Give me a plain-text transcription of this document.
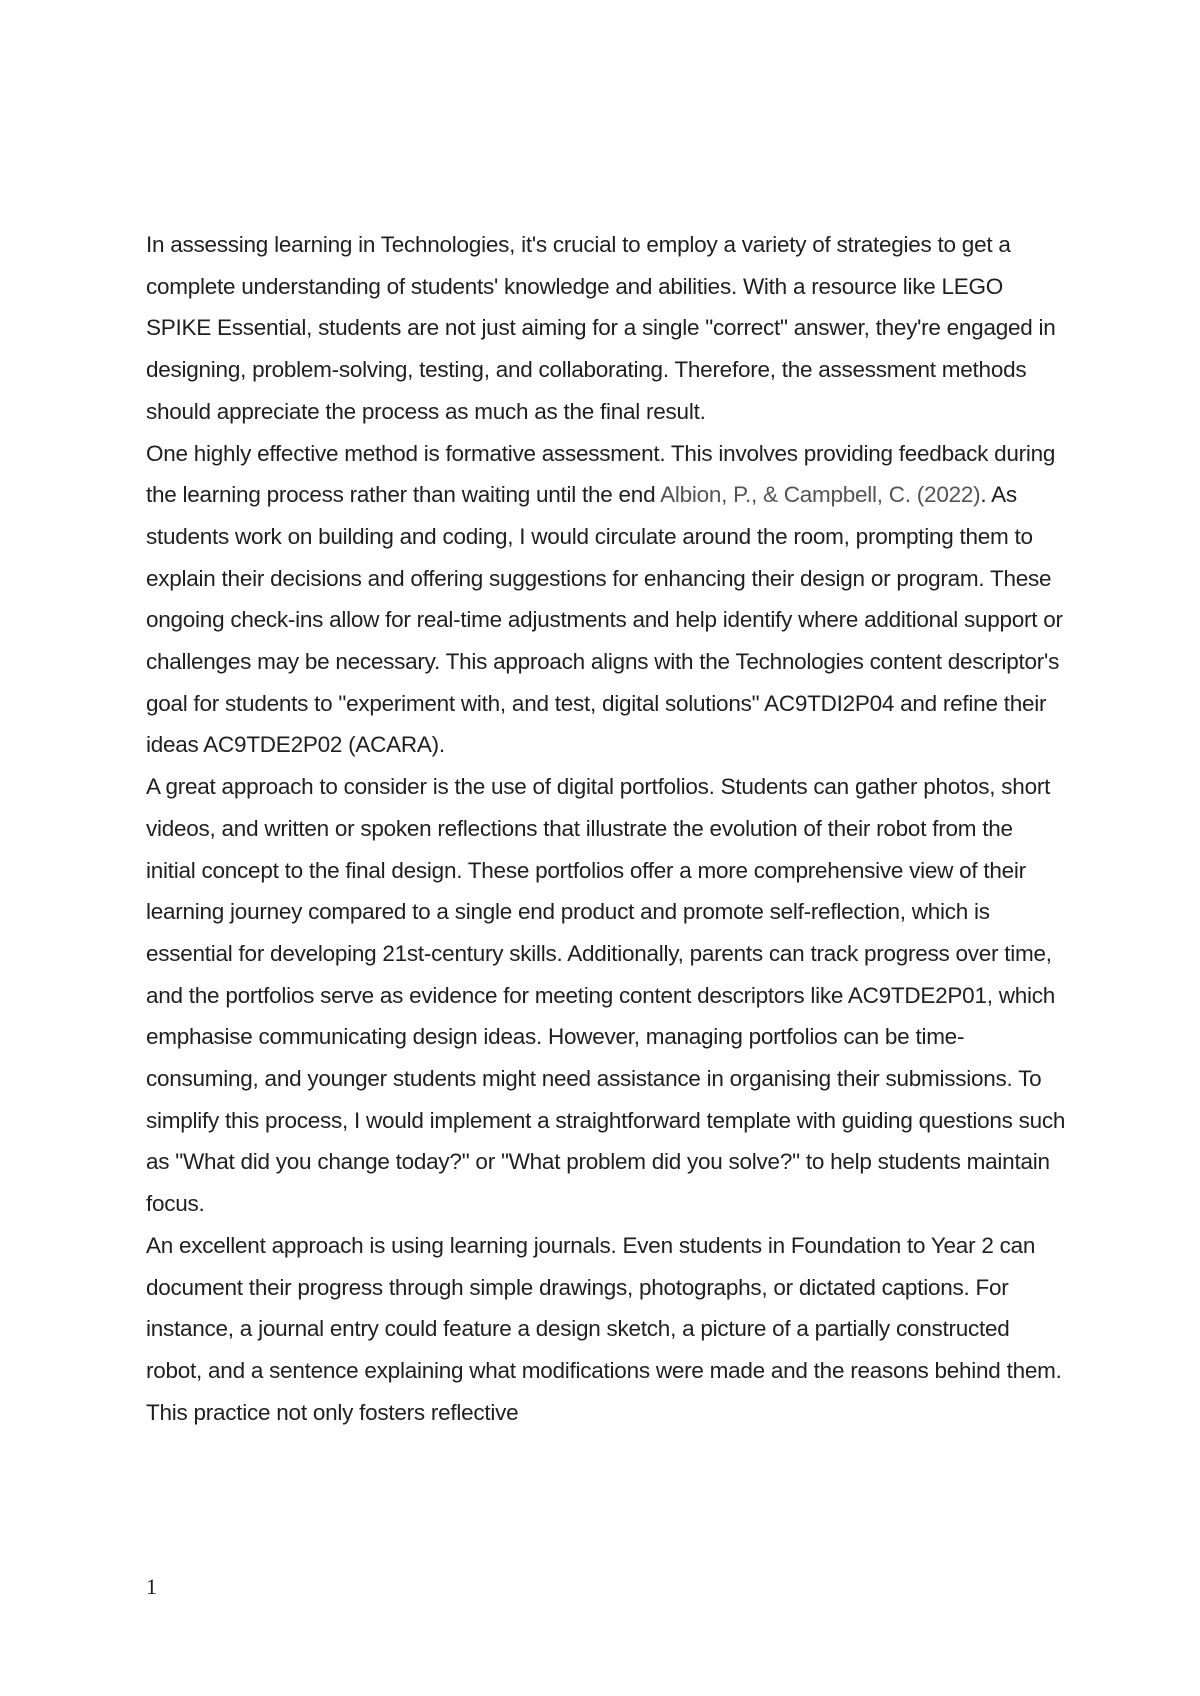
In assessing learning in Technologies, it's crucial to employ a variety of strategies to get a complete understanding of students' knowledge and abilities. With a resource like LEGO SPIKE Essential, students are not just aiming for a single "correct" answer, they're engaged in designing, problem-solving, testing, and collaborating. Therefore, the assessment methods should appreciate the process as much as the final result.

One highly effective method is formative assessment. This involves providing feedback during the learning process rather than waiting until the end Albion, P., & Campbell, C. (2022). As students work on building and coding, I would circulate around the room, prompting them to explain their decisions and offering suggestions for enhancing their design or program. These ongoing check-ins allow for real-time adjustments and help identify where additional support or challenges may be necessary. This approach aligns with the Technologies content descriptor's goal for students to "experiment with, and test, digital solutions" AC9TDI2P04 and refine their ideas AC9TDE2P02 (ACARA).

A great approach to consider is the use of digital portfolios. Students can gather photos, short videos, and written or spoken reflections that illustrate the evolution of their robot from the initial concept to the final design. These portfolios offer a more comprehensive view of their learning journey compared to a single end product and promote self-reflection, which is essential for developing 21st-century skills. Additionally, parents can track progress over time, and the portfolios serve as evidence for meeting content descriptors like AC9TDE2P01, which emphasise communicating design ideas. However, managing portfolios can be time-consuming, and younger students might need assistance in organising their submissions. To simplify this process, I would implement a straightforward template with guiding questions such as "What did you change today?" or "What problem did you solve?" to help students maintain focus.

An excellent approach is using learning journals. Even students in Foundation to Year 2 can document their progress through simple drawings, photographs, or dictated captions. For instance, a journal entry could feature a design sketch, a picture of a partially constructed robot, and a sentence explaining what modifications were made and the reasons behind them. This practice not only fosters reflective

1
